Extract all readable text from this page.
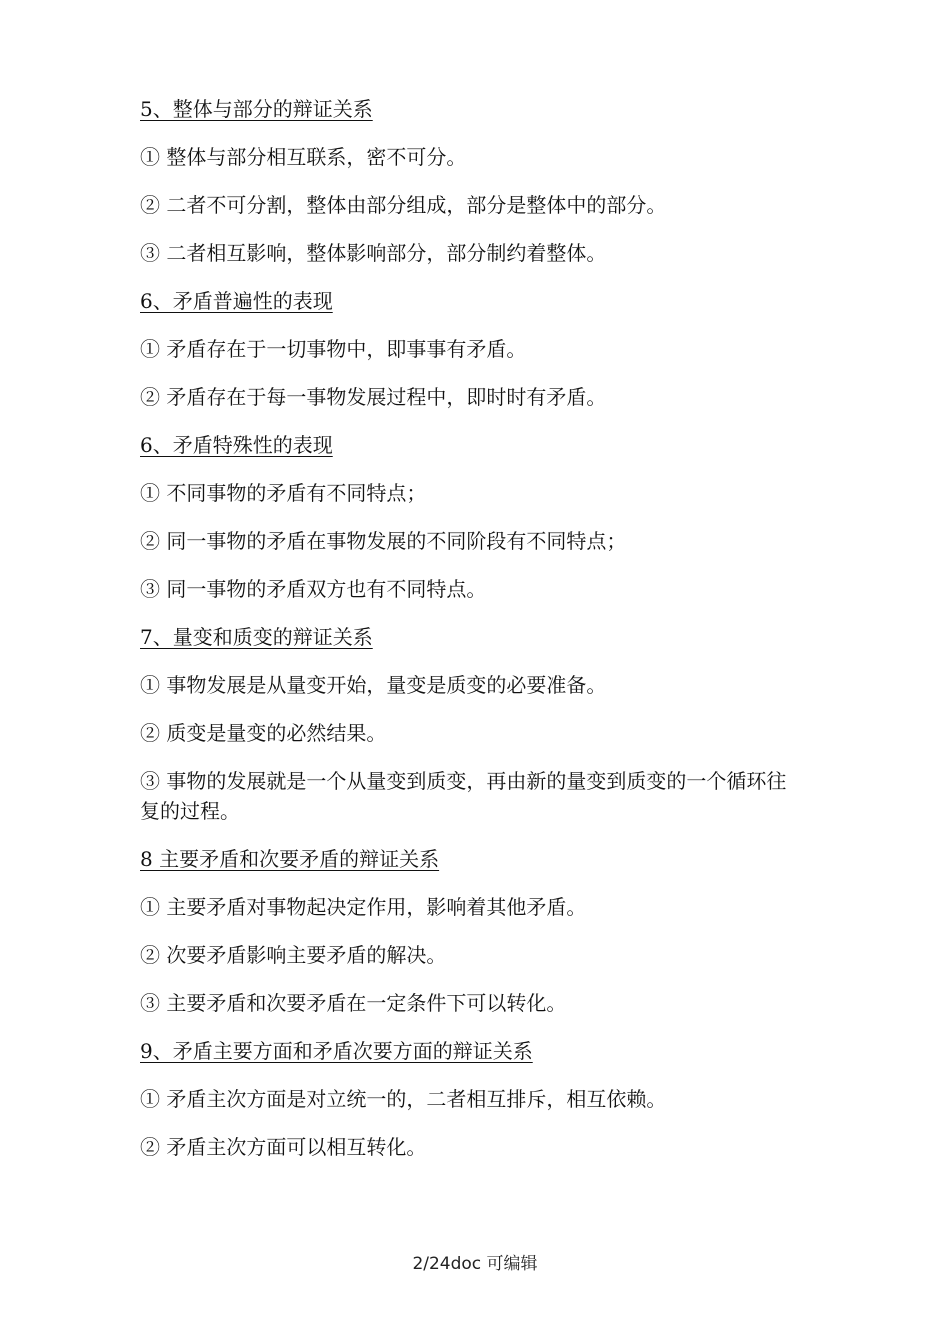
5、整体与部分的辩证关系
① 整体与部分相互联系，密不可分。
② 二者不可分割，整体由部分组成，部分是整体中的部分。
③ 二者相互影响，整体影响部分，部分制约着整体。
6、矛盾普遍性的表现
① 矛盾存在于一切事物中，即事事有矛盾。
② 矛盾存在于每一事物发展过程中，即时时有矛盾。
6、矛盾特殊性的表现
① 不同事物的矛盾有不同特点；
② 同一事物的矛盾在事物发展的不同阶段有不同特点；
③ 同一事物的矛盾双方也有不同特点。
7、量变和质变的辩证关系
① 事物发展是从量变开始，量变是质变的必要准备。
② 质变是量变的必然结果。
③ 事物的发展就是一个从量变到质变，再由新的量变到质变的一个循环往复的过程。
8 主要矛盾和次要矛盾的辩证关系
① 主要矛盾对事物起决定作用，影响着其他矛盾。
② 次要矛盾影响主要矛盾的解决。
③ 主要矛盾和次要矛盾在一定条件下可以转化。
9、矛盾主要方面和矛盾次要方面的辩证关系
① 矛盾主次方面是对立统一的，二者相互排斥，相互依赖。
② 矛盾主次方面可以相互转化。
2/24doc 可编辑
